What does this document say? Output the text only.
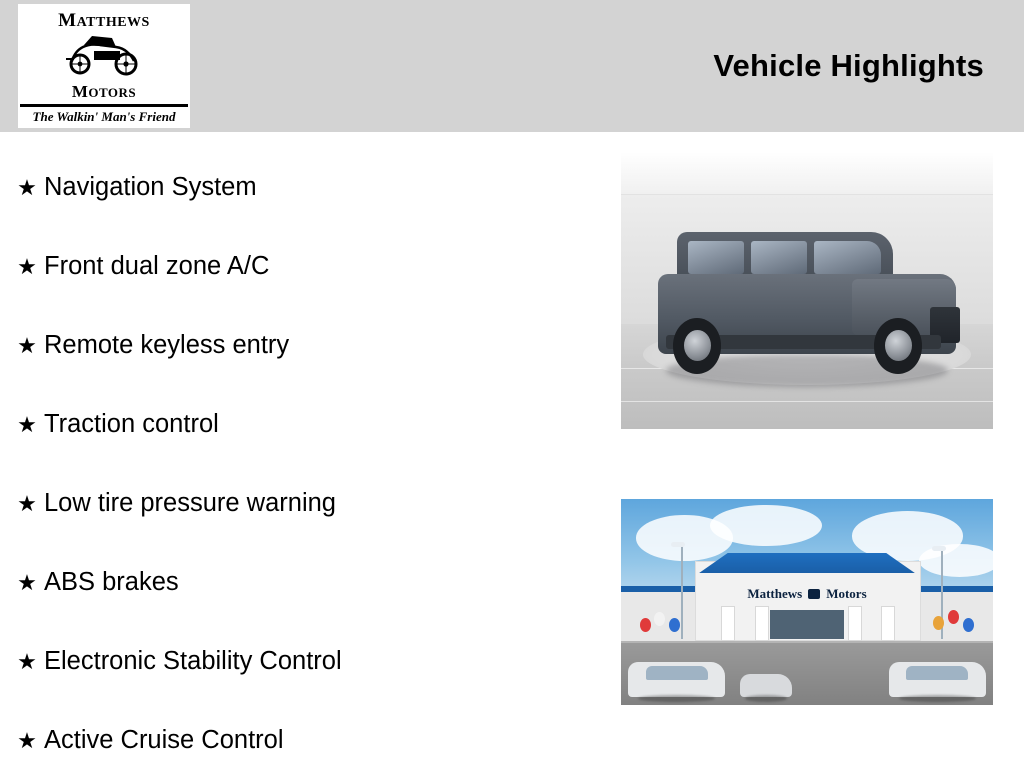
MATTHEWS
MOTORS
The Walkin' Man's Friend
Vehicle Highlights
★ Navigation System
★ Front dual zone A/C
★ Remote keyless entry
★ Traction control
★ Low tire pressure warning
★ ABS brakes
★ Electronic Stability Control
★ Active Cruise Control
Matthews Motors
